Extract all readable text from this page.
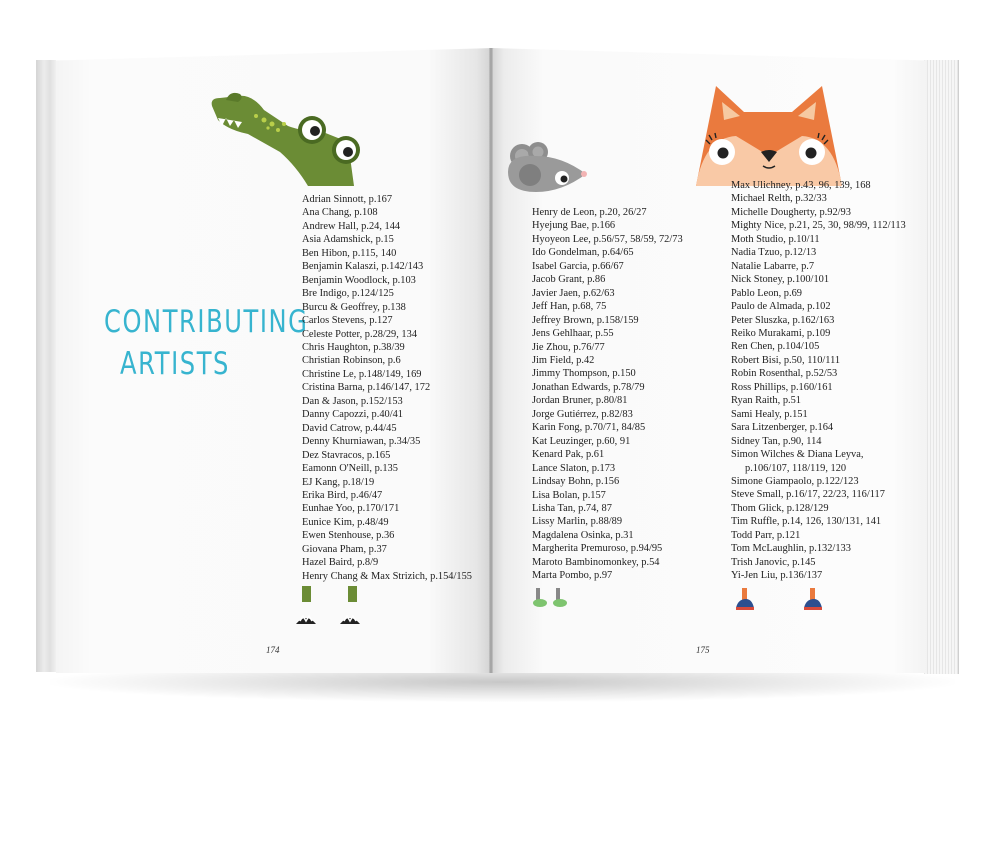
CONTRIBUTING
ARTISTS
Adrian Sinnott, p.167
Ana Chang, p.108
Andrew Hall, p.24, 144
Asia Adamshick, p.15
Ben Hibon, p.115, 140
Benjamin Kalaszi, p.142/143
Benjamin Woodlock, p.103
Bre Indigo, p.124/125
Burcu & Geoffrey, p.138
Carlos Stevens, p.127
Celeste Potter, p.28/29, 134
Chris Haughton, p.38/39
Christian Robinson, p.6
Christine Le, p.148/149, 169
Cristina Barna, p.146/147, 172
Dan & Jason, p.152/153
Danny Capozzi, p.40/41
David Catrow, p.44/45
Denny Khurniawan, p.34/35
Dez Stavracos, p.165
Eamonn O'Neill, p.135
EJ Kang, p.18/19
Erika Bird, p.46/47
Eunhae Yoo, p.170/171
Eunice Kim, p.48/49
Ewen Stenhouse, p.36
Giovana Pham, p.37
Hazel Baird, p.8/9
Henry Chang & Max Strizich, p.154/155
Henry de Leon, p.20, 26/27
Hyejung Bae, p.166
Hyoyeon Lee, p.56/57, 58/59, 72/73
Ido Gondelman, p.64/65
Isabel Garcia, p.66/67
Jacob Grant, p.86
Javier Jaen, p.62/63
Jeff Han, p.68, 75
Jeffrey Brown, p.158/159
Jens Gehlhaar, p.55
Jie Zhou, p.76/77
Jim Field, p.42
Jimmy Thompson, p.150
Jonathan Edwards, p.78/79
Jordan Bruner, p.80/81
Jorge Gutiérrez, p.82/83
Karin Fong, p.70/71, 84/85
Kat Leuzinger, p.60, 91
Kenard Pak, p.61
Lance Slaton, p.173
Lindsay Bohn, p.156
Lisa Bolan, p.157
Lisha Tan, p.74, 87
Lissy Marlin, p.88/89
Magdalena Osinka, p.31
Margherita Premuroso, p.94/95
Maroto Bambinomonkey, p.54
Marta Pombo, p.97
Max Ulichney, p.43, 96, 139, 168
Michael Relth, p.32/33
Michelle Dougherty, p.92/93
Mighty Nice, p.21, 25, 30, 98/99, 112/113
Moth Studio, p.10/11
Nadia Tzuo, p.12/13
Natalie Labarre, p.7
Nick Stoney, p.100/101
Pablo Leon, p.69
Paulo de Almada, p.102
Peter Sluszka, p.162/163
Reiko Murakami, p.109
Ren Chen, p.104/105
Robert Bisi, p.50, 110/111
Robin Rosenthal, p.52/53
Ross Phillips, p.160/161
Ryan Raith, p.51
Sami Healy, p.151
Sara Litzenberger, p.164
Sidney Tan, p.90, 114
Simon Wilches & Diana Leyva,
p.106/107, 118/119, 120
Simone Giampaolo, p.122/123
Steve Small, p.16/17, 22/23, 116/117
Thom Glick, p.128/129
Tim Ruffle, p.14, 126, 130/131, 141
Todd Parr, p.121
Tom McLaughlin, p.132/133
Trish Janovic, p.145
Yi-Jen Liu, p.136/137
174	175
